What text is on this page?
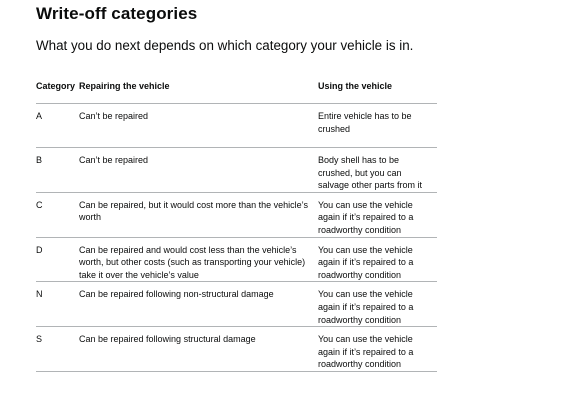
Write-off categories

What you do next depends on which category your vehicle is in.

Category	Repairing the vehicle	Using the vehicle
A	Can’t be repaired	Entire vehicle has to be crushed

B	Can’t be repaired	Body shell has to be crushed, but you can salvage other parts from it

C	Can be repaired, but it would cost more than the vehicle’s worth	You can use the vehicle again if it’s repaired to a roadworthy condition

D	Can be repaired and would cost less than the vehicle’s worth, but other costs (such as transporting your vehicle) take it over the vehicle’s value	You can use the vehicle again if it’s repaired to a roadworthy condition

N	Can be repaired following non-structural damage	You can use the vehicle again if it’s repaired to a roadworthy condition

S	Can be repaired following structural damage	You can use the vehicle again if it’s repaired to a roadworthy condition
